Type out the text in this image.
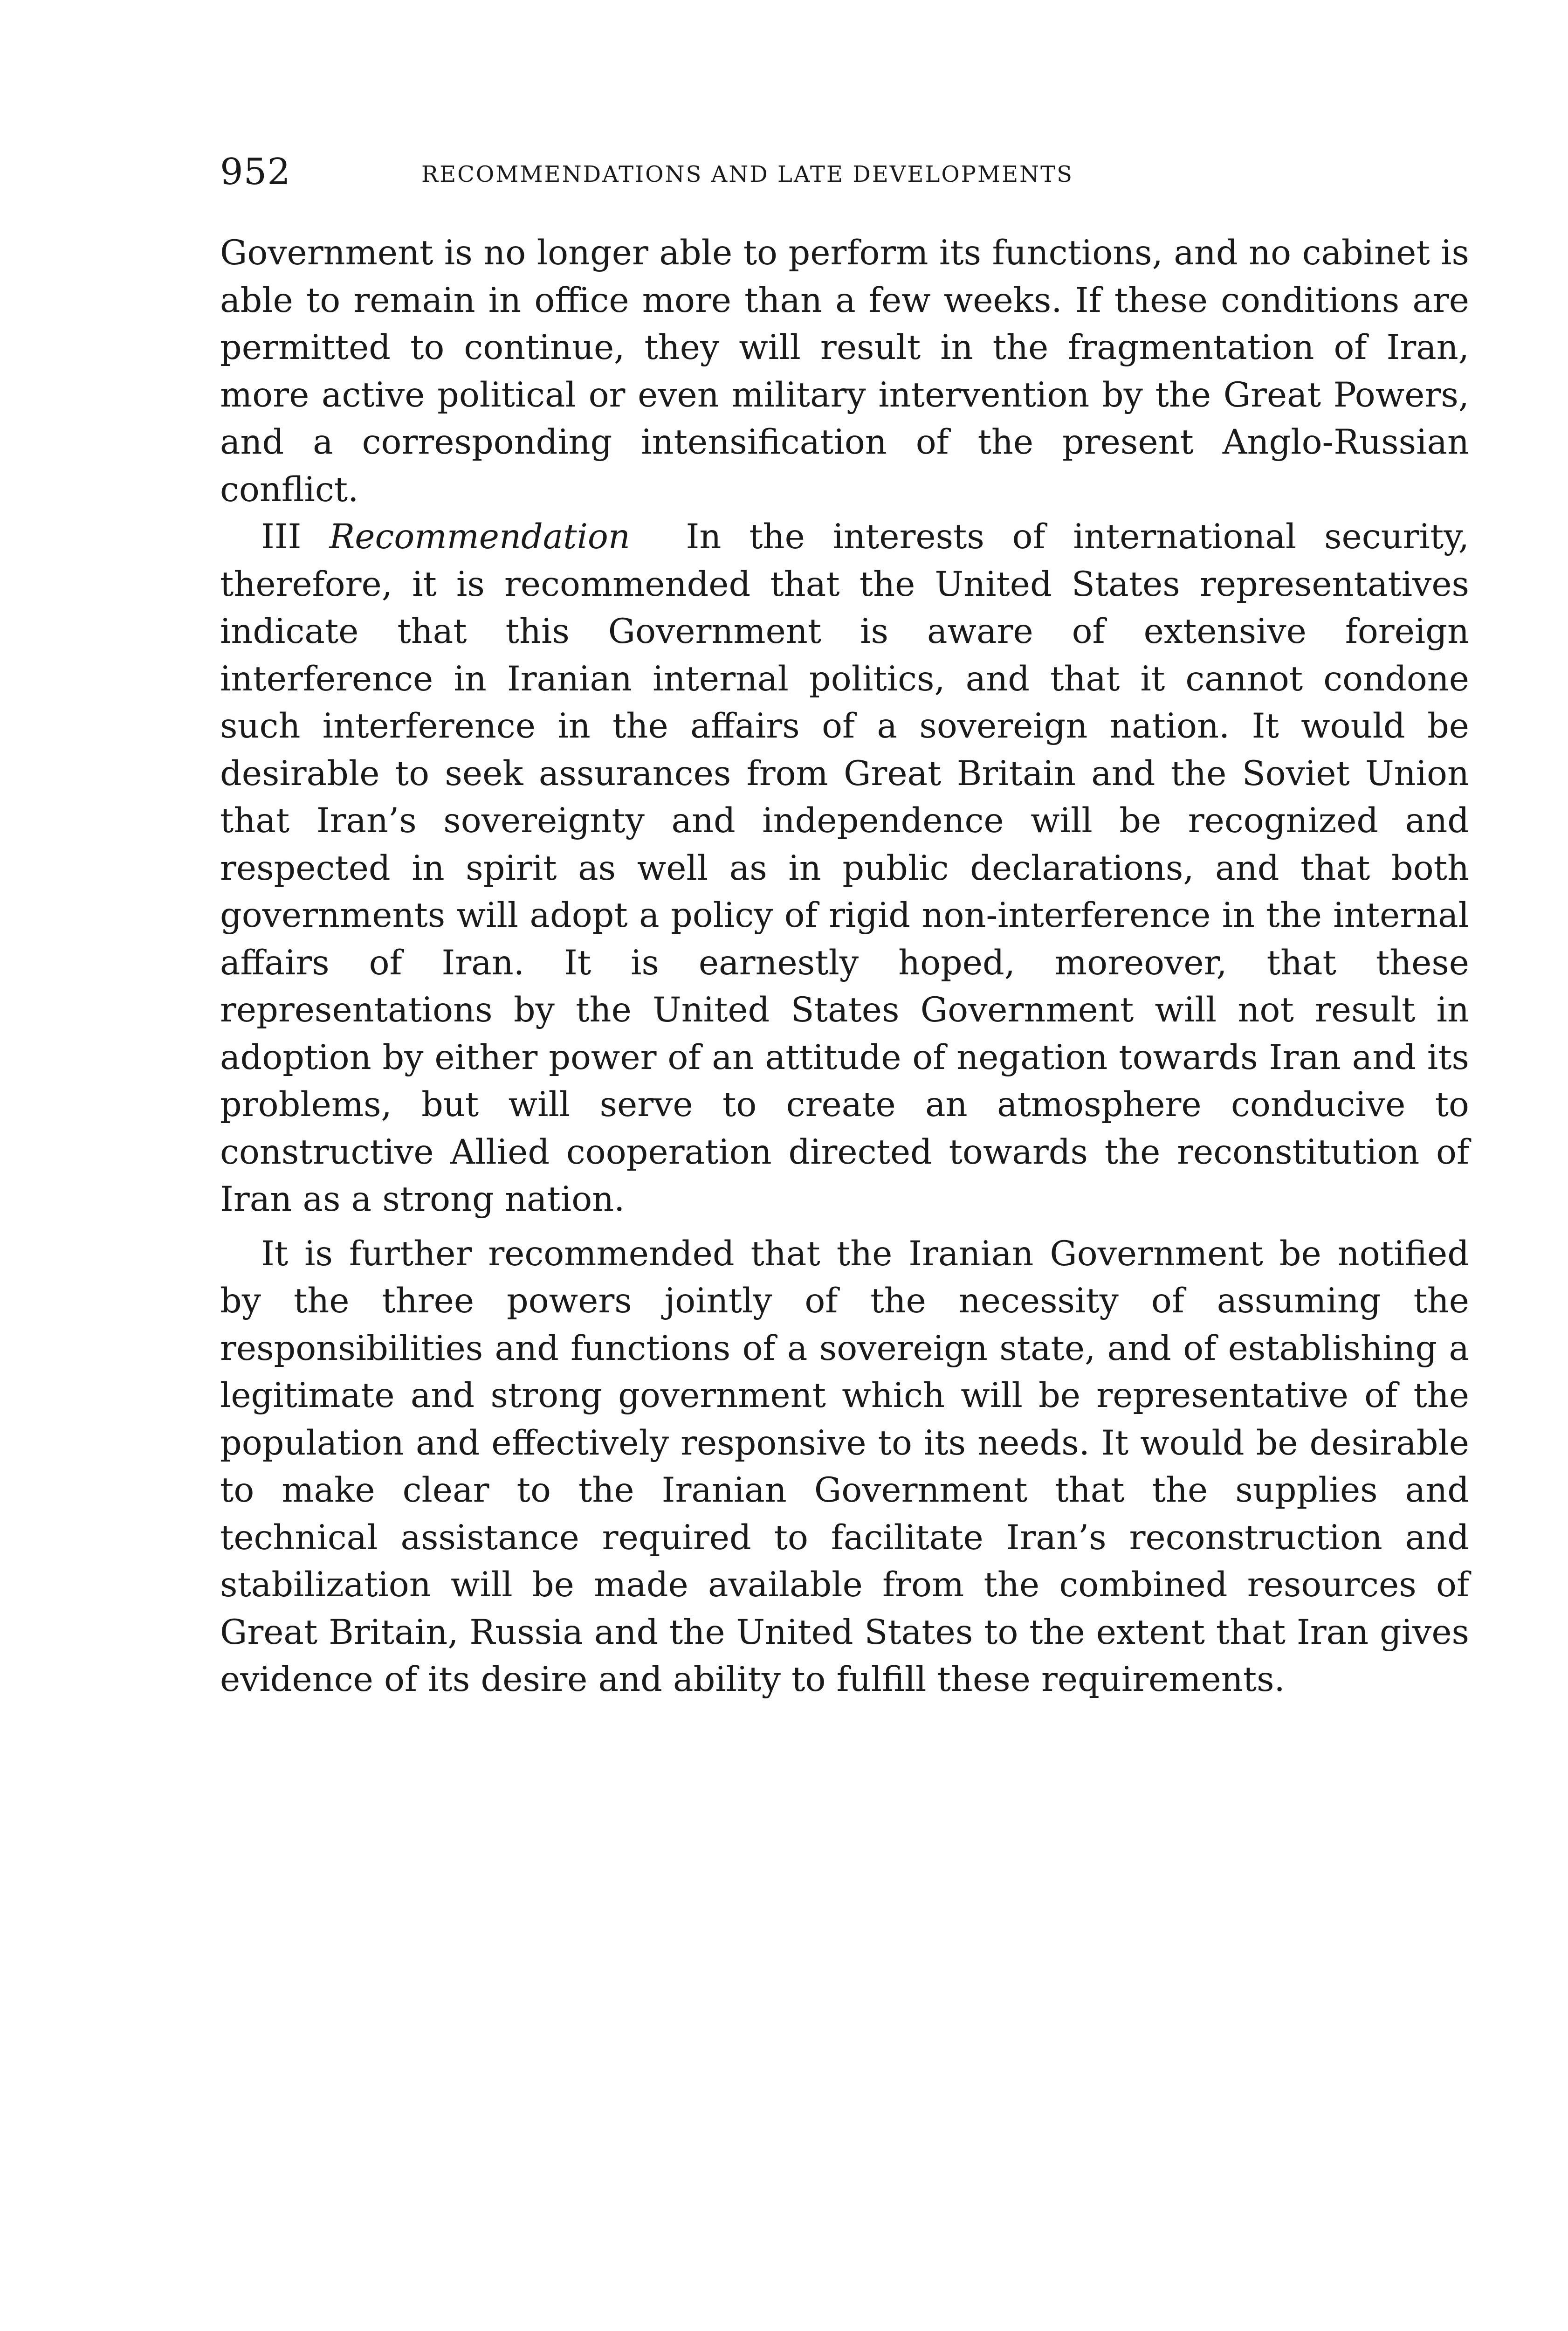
952	RECOMMENDATIONS AND LATE DEVELOPMENTS

Government is no longer able to perform its functions, and no cabinet is able to remain in office more than a few weeks. If these conditions are permitted to continue, they will result in the fragmentation of Iran, more active political or even military intervention by the Great Powers, and a corresponding intensification of the present Anglo-Russian conflict.

III Recommendation In the interests of international security, therefore, it is recommended that the United States representatives indicate that this Government is aware of extensive foreign interference in Iranian internal politics, and that it cannot condone such interference in the affairs of a sovereign nation. It would be desirable to seek assurances from Great Britain and the Soviet Union that Iran’s sovereignty and independence will be recognized and respected in spirit as well as in public declarations, and that both governments will adopt a policy of rigid non-interference in the internal affairs of Iran. It is earnestly hoped, moreover, that these representations by the United States Government will not result in adoption by either power of an attitude of negation towards Iran and its problems, but will serve to create an atmosphere conducive to constructive Allied cooperation directed towards the reconstitution of Iran as a strong nation.

It is further recommended that the Iranian Government be notified by the three powers jointly of the necessity of assuming the responsibilities and functions of a sovereign state, and of establishing a legitimate and strong government which will be representative of the population and effectively responsive to its needs. It would be desirable to make clear to the Iranian Government that the supplies and technical assistance required to facilitate Iran’s reconstruction and stabilization will be made available from the combined resources of Great Britain, Russia and the United States to the extent that Iran gives evidence of its desire and ability to fulfill these requirements.
